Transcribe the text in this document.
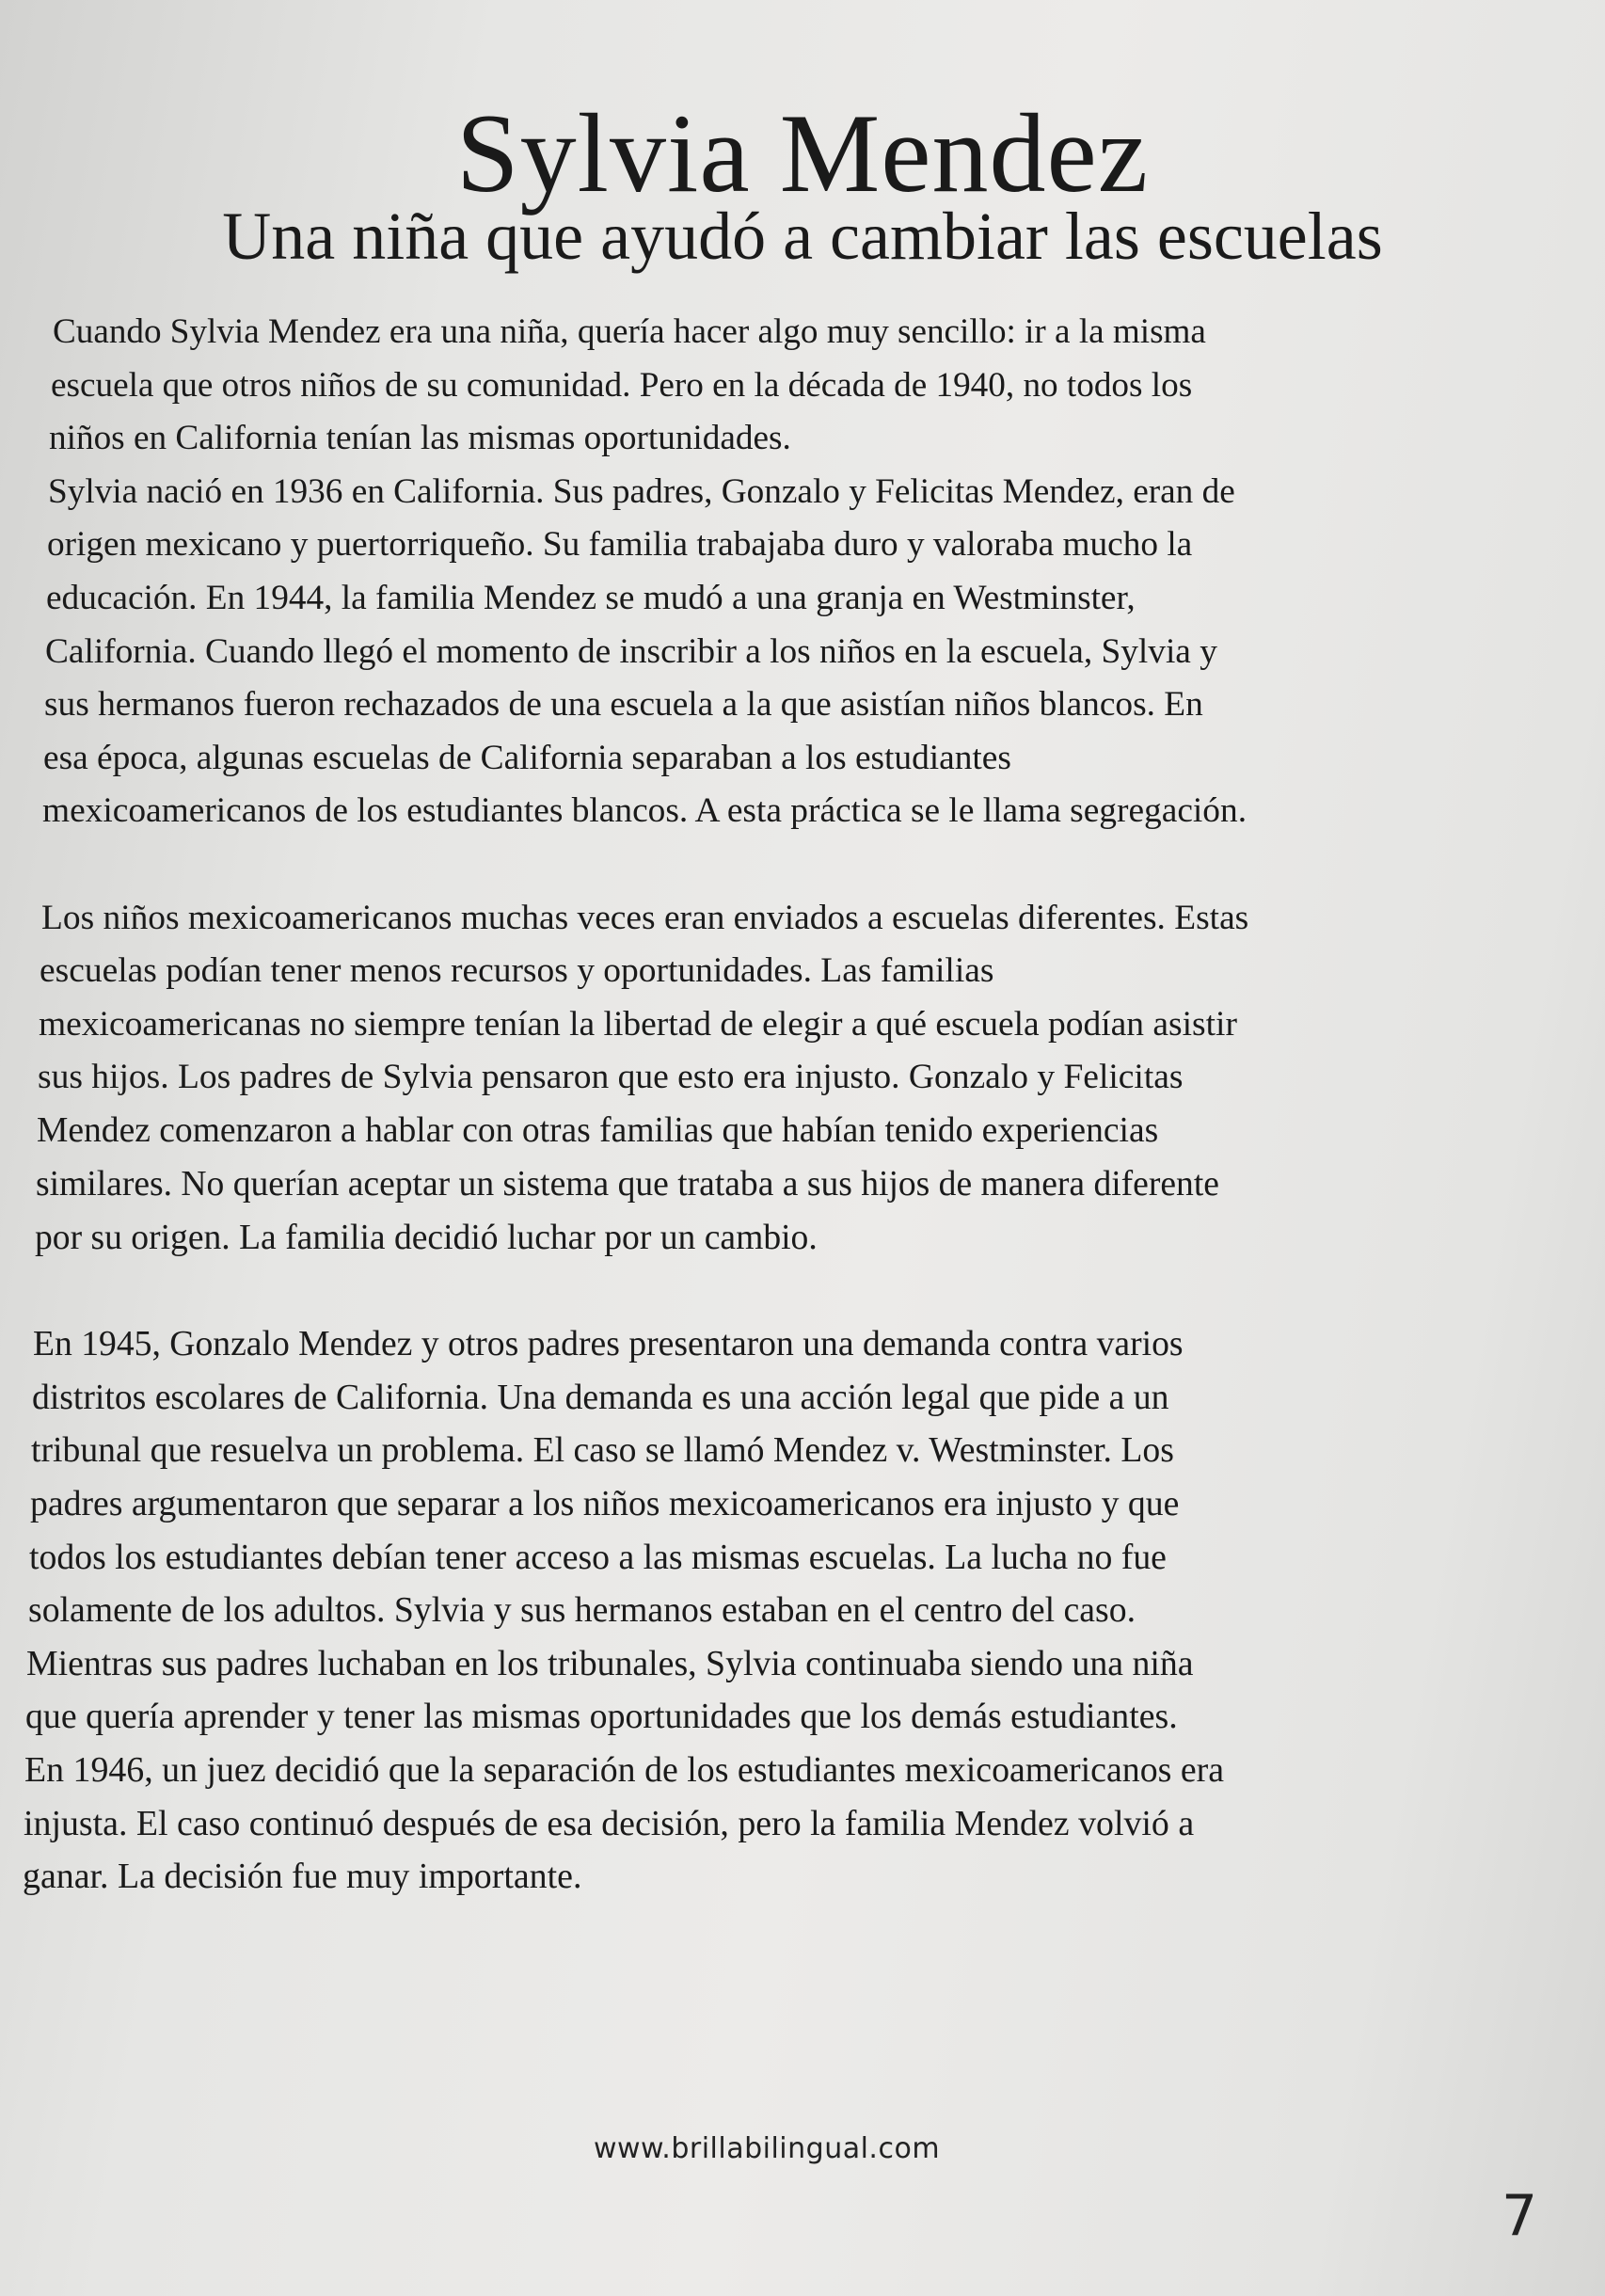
Sylvia Mendez
Una niña que ayudó a cambiar las escuelas
Cuando Sylvia Mendez era una niña, quería hacer algo muy sencillo: ir a la misma
escuela que otros niños de su comunidad. Pero en la década de 1940, no todos los
niños en California tenían las mismas oportunidades.
Sylvia nació en 1936 en California. Sus padres, Gonzalo y Felicitas Mendez, eran de
origen mexicano y puertorriqueño. Su familia trabajaba duro y valoraba mucho la
educación. En 1944, la familia Mendez se mudó a una granja en Westminster,
California. Cuando llegó el momento de inscribir a los niños en la escuela, Sylvia y
sus hermanos fueron rechazados de una escuela a la que asistían niños blancos. En
esa época, algunas escuelas de California separaban a los estudiantes
mexicoamericanos de los estudiantes blancos. A esta práctica se le llama segregación.
Los niños mexicoamericanos muchas veces eran enviados a escuelas diferentes. Estas
escuelas podían tener menos recursos y oportunidades. Las familias
mexicoamericanas no siempre tenían la libertad de elegir a qué escuela podían asistir
sus hijos. Los padres de Sylvia pensaron que esto era injusto. Gonzalo y Felicitas
Mendez comenzaron a hablar con otras familias que habían tenido experiencias
similares. No querían aceptar un sistema que trataba a sus hijos de manera diferente
por su origen. La familia decidió luchar por un cambio.
En 1945, Gonzalo Mendez y otros padres presentaron una demanda contra varios
distritos escolares de California. Una demanda es una acción legal que pide a un
tribunal que resuelva un problema. El caso se llamó Mendez v. Westminster. Los
padres argumentaron que separar a los niños mexicoamericanos era injusto y que
todos los estudiantes debían tener acceso a las mismas escuelas. La lucha no fue
solamente de los adultos. Sylvia y sus hermanos estaban en el centro del caso.
Mientras sus padres luchaban en los tribunales, Sylvia continuaba siendo una niña
que quería aprender y tener las mismas oportunidades que los demás estudiantes.
En 1946, un juez decidió que la separación de los estudiantes mexicoamericanos era
injusta. El caso continuó después de esa decisión, pero la familia Mendez volvió a
ganar. La decisión fue muy importante.
www.brillabilingual.com
7
